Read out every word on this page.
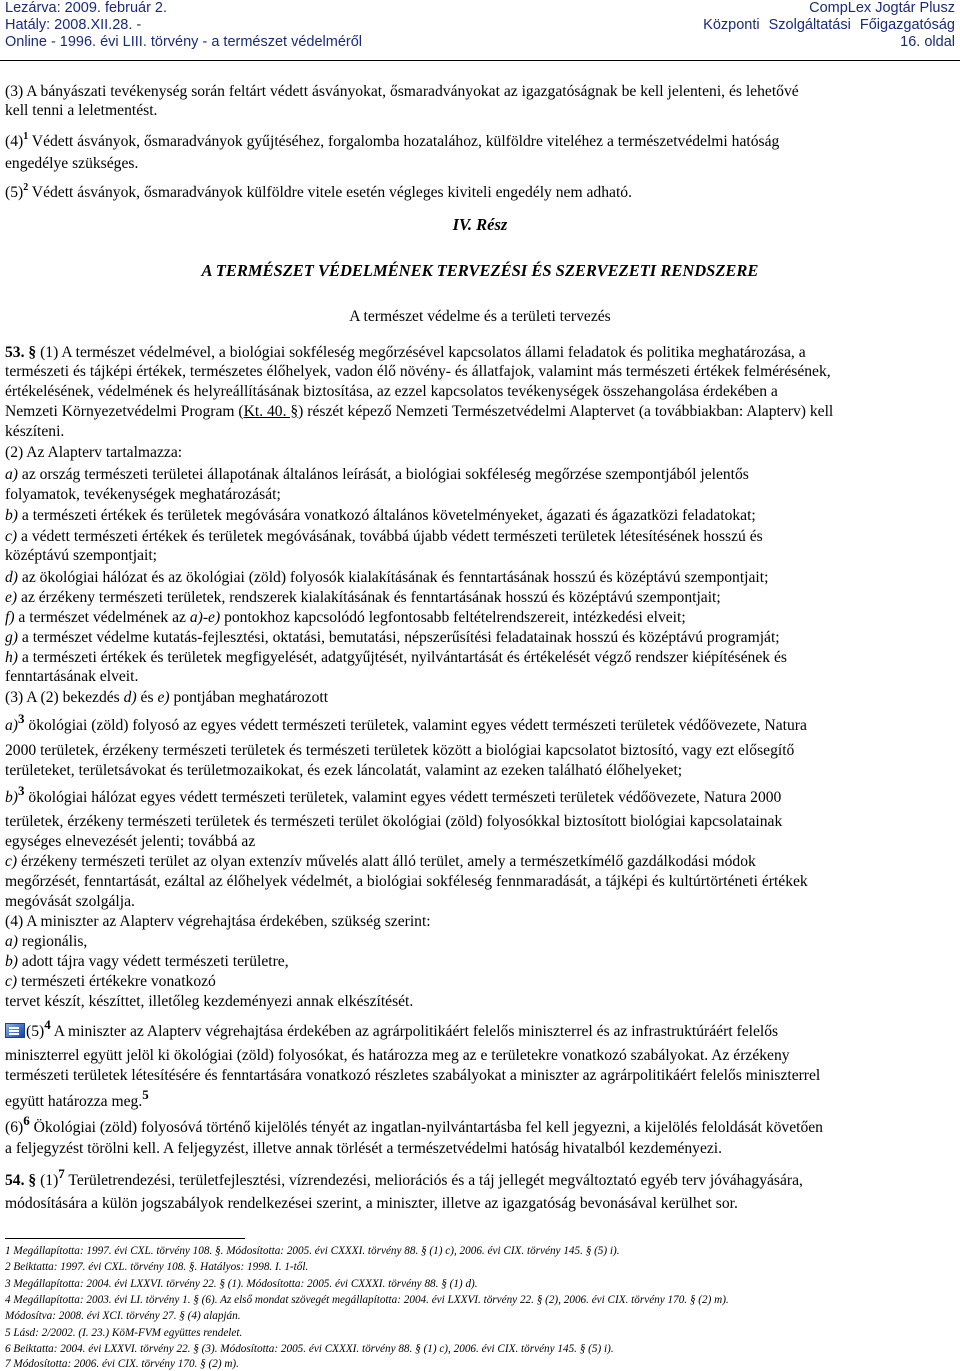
Lezárva: 2009. február 2.
Hatály: 2008.XII.28. -
Online - 1996. évi LIII. törvény - a természet védelméről
CompLex Jogtár Plusz
Központi Szolgáltatási Főigazgatóság
16. oldal
(3) A bányászati tevékenység során feltárt védett ásványokat, ősmaradványokat az igazgatóságnak be kell jelenteni, és lehetővé
kell tenni a leletmentést.
$(4)^1$ Védett ásványok, ősmaradványok gyűjtéséhez, forgalomba hozatalához, külföldre viteléhez a természetvédelmi hatóság
engedélye szükséges.
$(5)^2$ Védett ásványok, ősmaradványok külföldre vitele esetén végleges kiviteli engedély nem adható.
IV. Rész
A TERMÉSZET VÉDELMÉNEK TERVEZÉSI ÉS SZERVEZETI RENDSZERE
A természet védelme és a területi tervezés
53. § (1) A természet védelmével, a biológiai sokféleség megőrzésével kapcsolatos állami feladatok és politika meghatározása, a
természeti és tájképi értékek, természetes élőhelyek, vadon élő növény- és állatfajok, valamint más természeti értékek felmérésének,
értékelésének, védelmének és helyreállításának biztosítása, az ezzel kapcsolatos tevékenységek összehangolása érdekében a
Nemzeti Környezetvédelmi Program (Kt. 40. §) részét képező Nemzeti Természetvédelmi Alaptervet (a továbbiakban: Alapterv) kell
készíteni.
(2) Az Alapterv tartalmazza:
a) az ország természeti területei állapotának általános leírását, a biológiai sokféleség megőrzése szempontjából jelentős
folyamatok, tevékenységek meghatározását;
b) a természeti értékek és területek megóvására vonatkozó általános követelményeket, ágazati és ágazatközi feladatokat;
c) a védett természeti értékek és területek megóvásának, továbbá újabb védett természeti területek létesítésének hosszú és
középtávú szempontjait;
d) az ökológiai hálózat és az ökológiai (zöld) folyosók kialakításának és fenntartásának hosszú és középtávú szempontjait;
e) az érzékeny természeti területek, rendszerek kialakításának és fenntartásának hosszú és középtávú szempontjait;
f) a természet védelmének az a)-e) pontokhoz kapcsolódó legfontosabb feltételrendszereit, intézkedési elveit;
g) a természet védelme kutatás-fejlesztési, oktatási, bemutatási, népszerűsítési feladatainak hosszú és középtávú programját;
h) a természeti értékek és területek megfigyelését, adatgyűjtését, nyilvántartását és értékelését végző rendszer kiépítésének és
fenntartásának elveit.
(3) A (2) bekezdés d) és e) pontjában meghatározott
a)$^3$ ökológiai (zöld) folyosó az egyes védett természeti területek, valamint egyes védett természeti területek védőövezete, Natura
2000 területek, érzékeny természeti területek és természeti területek között a biológiai kapcsolatot biztosító, vagy ezt elősegítő
területeket, területsávokat és területmozaikokat, és ezek láncolatát, valamint az ezeken található élőhelyeket;
b)$^3$ ökológiai hálózat egyes védett természeti területek, valamint egyes védett természeti területek védőövezete, Natura 2000
területek, érzékeny természeti területek és természeti terület ökológiai (zöld) folyosókkal biztosított biológiai kapcsolatainak
egységes elnevezését jelenti; továbbá az
c) érzékeny természeti terület az olyan extenzív művelés alatt álló terület, amely a természetkímélő gazdálkodási módok
megőrzését, fenntartását, ezáltal az élőhelyek védelmét, a biológiai sokféleség fennmaradását, a tájképi és kultúrtörténeti értékek
megóvását szolgálja.
(4) A miniszter az Alapterv végrehajtása érdekében, szükség szerint:
a) regionális,
b) adott tájra vagy védett természeti területre,
c) természeti értékekre vonatkozó
tervet készít, készíttet, illetőleg kezdeményezi annak elkészítését.
$(5)^4$ A miniszter az Alapterv végrehajtása érdekében az agrárpolitikáért felelős miniszterrel és az infrastruktúráért felelős
miniszterrel együtt jelöl ki ökológiai (zöld) folyosókat, és határozza meg az e területekre vonatkozó szabályokat. Az érzékeny
természeti területek létesítésére és fenntartására vonatkozó részletes szabályokat a miniszter az agrárpolitikáért felelős miniszterrel
együtt határozza meg.$^5$
$(6)^6$ Ökológiai (zöld) folyosóvá történő kijelölés tényét az ingatlan-nyilvántartásba fel kell jegyezni, a kijelölés feloldását követően
a feljegyzést törölni kell. A feljegyzést, illetve annak törlését a természetvédelmi hatóság hivatalból kezdeményezi.
54. § $(1)^7$ Területrendezési, területfejlesztési, vízrendezési, meliorációs és a táj jellegét megváltoztató egyéb terv jóváhagyására,
módosítására a külön jogszabályok rendelkezései szerint, a miniszter, illetve az igazgatóság bevonásával kerülhet sor.
1 Megállapította: 1997. évi CXL. törvény 108. §. Módosította: 2005. évi CXXXI. törvény 88. § (1) c), 2006. évi CIX. törvény 145. § (5) i).
2 Beiktatta: 1997. évi CXL. törvény 108. §. Hatályos: 1998. I. 1-től.
3 Megállapította: 2004. évi LXXVI. törvény 22. § (1). Módosította: 2005. évi CXXXI. törvény 88. § (1) d).
4 Megállapította: 2003. évi LI. törvény 1. § (6). Az első mondat szövegét megállapította: 2004. évi LXXVI. törvény 22. § (2), 2006. évi CIX. törvény 170. § (2) m).
Módosítva: 2008. évi XCI. törvény 27. § (4) alapján.
5 Lásd: 2/2002. (I. 23.) KöM-FVM együttes rendelet.
6 Beiktatta: 2004. évi LXXVI. törvény 22. § (3). Módosította: 2005. évi CXXXI. törvény 88. § (1) c), 2006. évi CIX. törvény 145. § (5) i).
7 Módosította: 2006. évi CIX. törvény 170. § (2) m).
